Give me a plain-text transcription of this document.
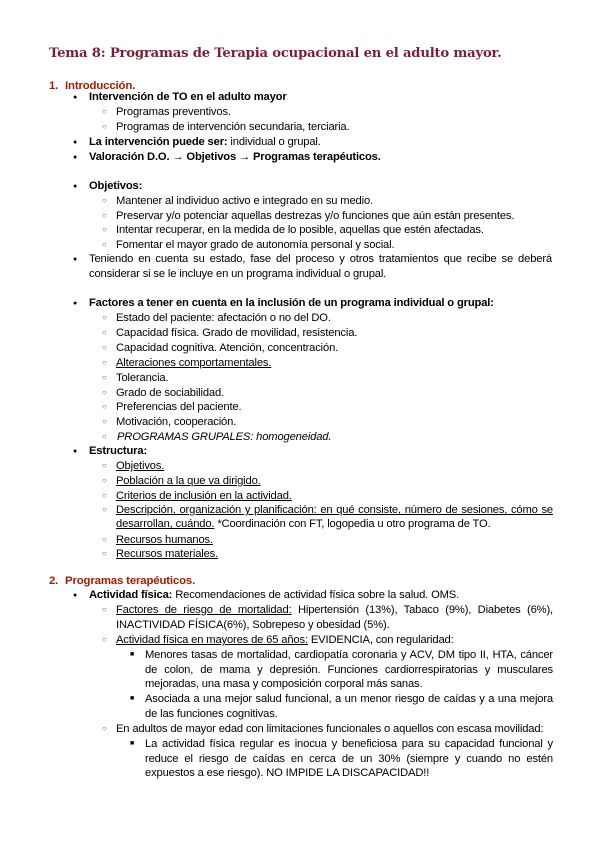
Tema 8: Programas de Terapia ocupacional en el adulto mayor.
1. Introducción.
●
Intervención de TO en el adulto mayor
○
Programas preventivos.
○
Programas de intervención secundaria, terciaria.
●
La intervención puede ser: individual o grupal.
●
Valoración D.O. → Objetivos → Programas terapéuticos.
●
Objetivos:
○
Mantener al individuo activo e integrado en su medio.
○
Preservar y/o potenciar aquellas destrezas y/o funciones que aún están presentes.
○
Intentar recuperar, en la medida de lo posible, aquellas que estén afectadas.
○
Fomentar el mayor grado de autonomía personal y social.
●
Teniendo en cuenta su estado, fase del proceso y otros tratamientos que recibe se deberá
considerar si se le incluye en un programa individual o grupal.
●
Factores a tener en cuenta en la inclusión de un programa individual o grupal:
○
Estado del paciente: afectación o no del DO.
○
Capacidad física. Grado de movilidad, resistencia.
○
Capacidad cognitiva. Atención, concentración.
○
Alteraciones comportamentales.
○
Tolerancia.
○
Grado de sociabilidad.
○
Preferencias del paciente.
○
Motivación, cooperación.
○
PROGRAMAS GRUPALES: homogeneidad.
●
Estructura:
○
Objetivos.
○
Población a la que va dirigido.
○
Criterios de inclusión en la actividad.
○
Descripción, organización y planificación: en qué consiste, número de sesiones, cómo se
desarrollan, cuándo. *Coordinación con FT, logopedia u otro programa de TO.
○
Recursos humanos.
○
Recursos materiales.
2. Programas terapéuticos.
●
Actividad física: Recomendaciones de actividad física sobre la salud. OMS.
○
Factores de riesgo de mortalidad: Hipertensión (13%), Tabaco (9%), Diabetes (6%),
INACTIVIDAD FÍSICA(6%), Sobrepeso y obesidad (5%).
○
Actividad física en mayores de 65 años: EVIDENCIA, con regularidad:
■
Menores tasas de mortalidad, cardiopatía coronaria y ACV, DM tipo II, HTA, cáncer
de colon, de mama y depresión. Funciones cardiorrespiratorias y musculares
mejoradas, una masa y composición corporal más sanas.
■
Asociada a una mejor salud funcional, a un menor riesgo de caídas y a una mejora
de las funciones cognitivas.
○
En adultos de mayor edad con limitaciones funcionales o aquellos con escasa movilidad:
■
La actividad física regular es inocua y beneficiosa para su capacidad funcional y
reduce el riesgo de caídas en cerca de un 30% (siempre y cuando no estén
expuestos a ese riesgo). NO IMPIDE LA DISCAPACIDAD!!
